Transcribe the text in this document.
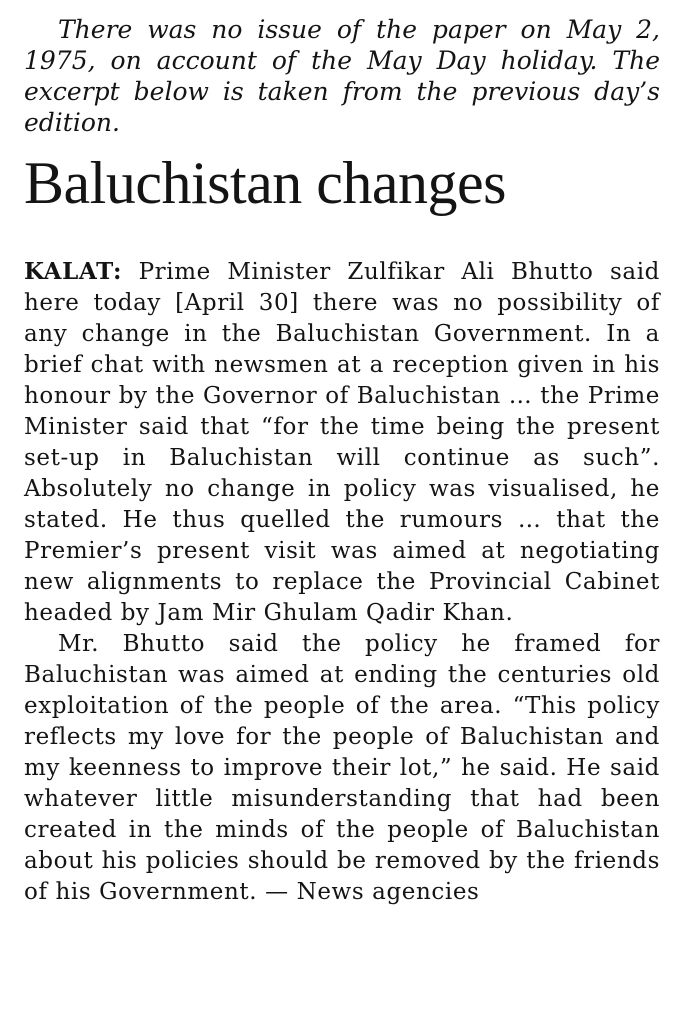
There was no issue of the paper on May 2, 1975, on account of the May Day holiday. The excerpt below is taken from the previous day’s edition.

Baluchistan changes

KALAT: Prime Minister Zulfikar Ali Bhutto said here today [April 30] there was no possibility of any change in the Baluchistan Government. In a brief chat with newsmen at a reception given in his honour by the Governor of Baluchistan … the Prime Minister said that “for the time being the present set-up in Baluchistan will continue as such”. Absolutely no change in policy was visualised, he stated. He thus quelled the rumours … that the Premier’s present visit was aimed at negotiating new alignments to replace the Provincial Cabinet headed by Jam Mir Ghulam Qadir Khan.

Mr. Bhutto said the policy he framed for Baluchistan was aimed at ending the centuries old exploitation of the people of the area. “This policy reflects my love for the people of Baluchistan and my keenness to improve their lot,” he said. He said whatever little misunderstanding that had been created in the minds of the people of Baluchistan about his policies should be removed by the friends of his Government. — News agencies
